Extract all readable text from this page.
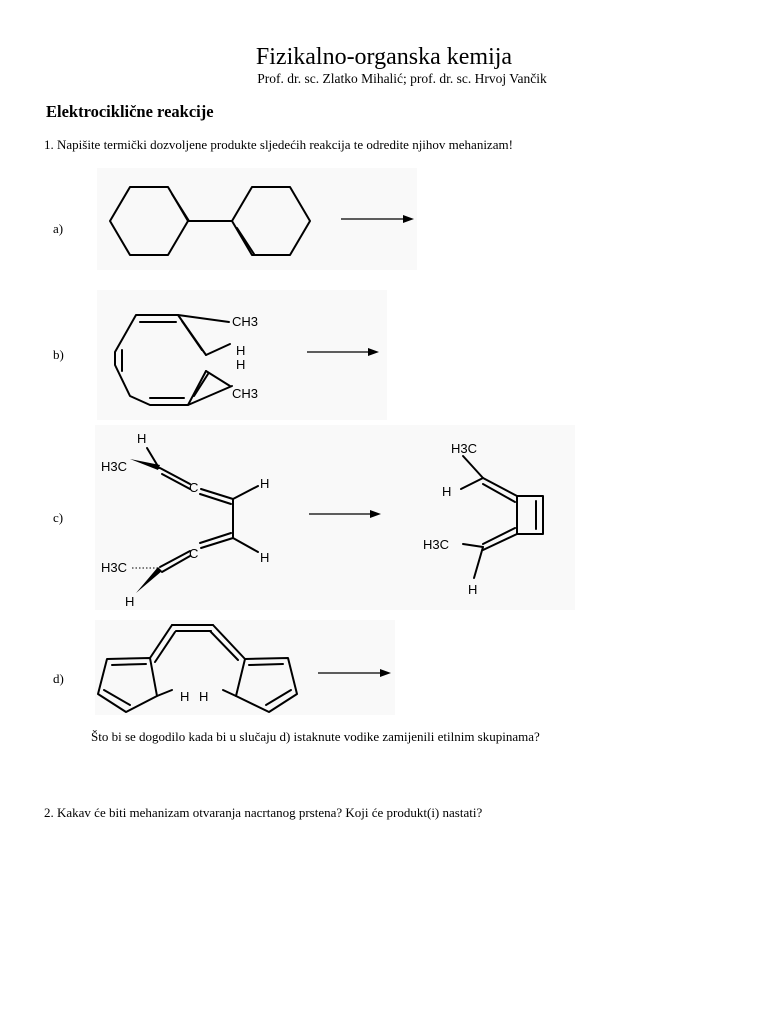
Fizikalno-organska kemija
Prof. dr. sc. Zlatko Mihalić; prof. dr. sc. Hrvoj Vančik
Elektrociklične reakcije
1. Napišite termički dozvoljene produkte sljedećih reakcija te odredite njihov mehanizam!
a)
b)
c)
d)
CH3
H
H
CH3
H
H3C
C	H
C	H
H3C
H
H3C
H
H3C
H
H H
Što bi se dogodilo kada bi u slučaju d) istaknute vodike zamijenili etilnim skupinama?
2. Kakav će biti mehanizam otvaranja nacrtanog prstena? Koji će produkt(i) nastati?
